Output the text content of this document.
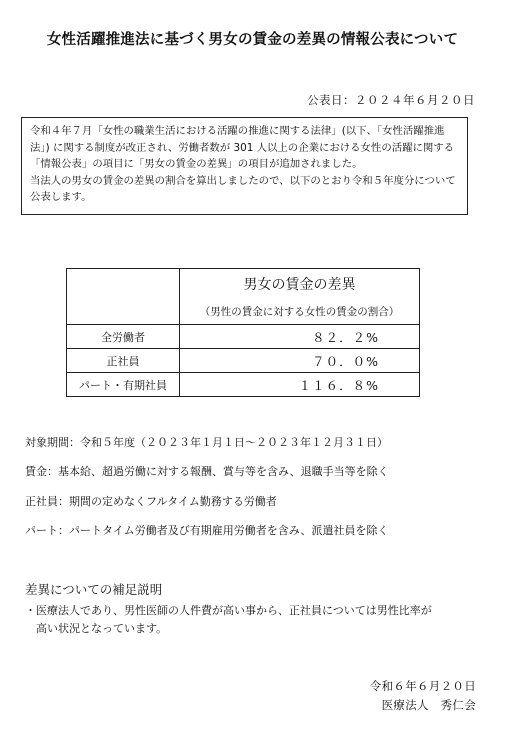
女性活躍推進法に基づく男女の賃金の差異の情報公表について
公表日：２０２４年６月２０日

令和４年７月「女性の職業生活における活躍の推進に関する法律」(以下、「女性活躍推進法」) に関する制度が改正され、労働者数が 301 人以上の企業における女性の活躍に関する「情報公表」の項目に「男女の賃金の差異」の項目が追加されました。

当法人の男女の賃金の差異の割合を算出しましたので、以下のとおり令和５年度分について公表します。

	男女の賃金の差異
（男性の賃金に対する女性の賃金の割合）

全労働者	８２．２%
正社員	７０．０%
パート・有期社員	１１６．８%
対象期間：令和５年度（２０２３年１月１日～２０２３年１２月３１日）
賃金：基本給、超過労働に対する報酬、賞与等を含み、退職手当等を除く
正社員：期間の定めなくフルタイム勤務する労働者
パート：パートタイム労働者及び有期雇用労働者を含み、派遣社員を除く
差異についての補足説明
・医療法人であり、男性医師の人件費が高い事から、正社員については男性比率が
高い状況となっています。
令和６年６月２０日
医療法人　秀仁会
